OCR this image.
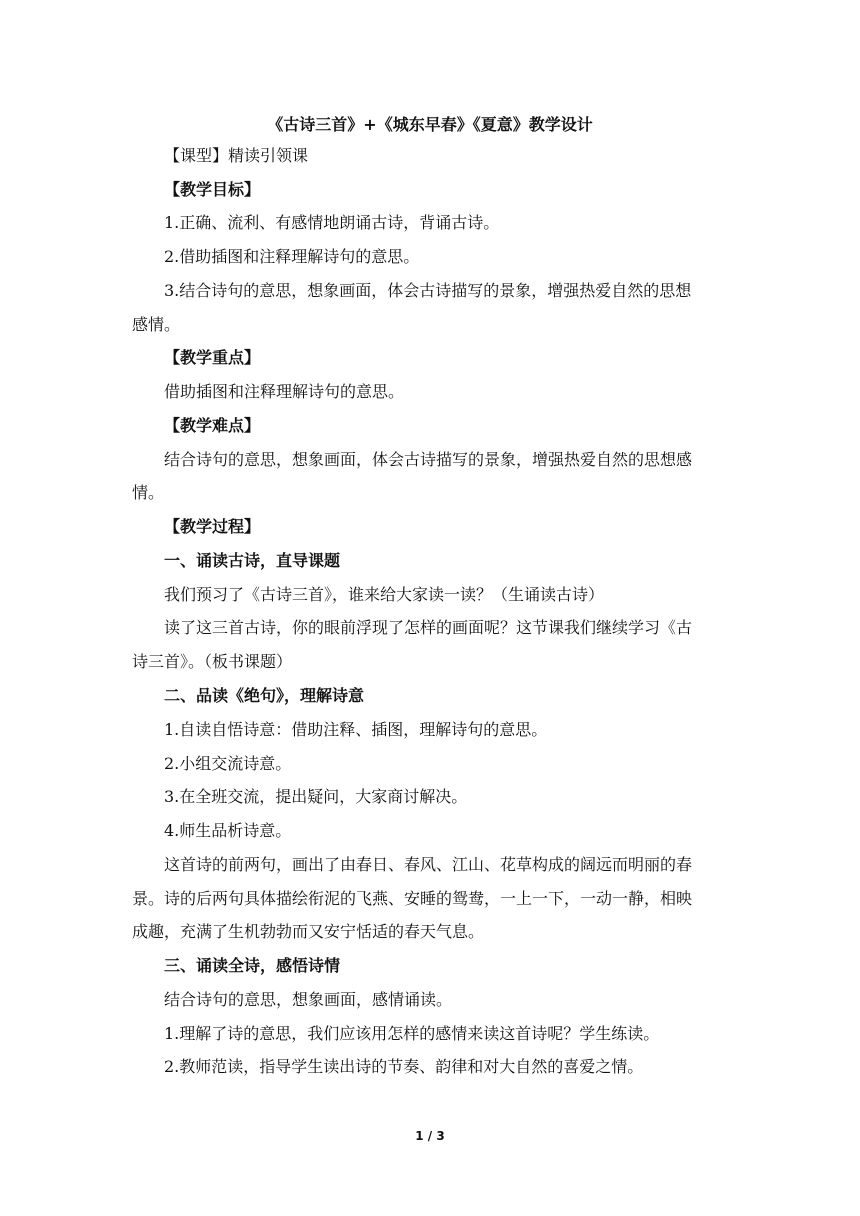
《古诗三首》+《城东早春》《夏意》教学设计
【课型】精读引领课
【教学目标】
1.正确、流利、有感情地朗诵古诗，背诵古诗。
2.借助插图和注释理解诗句的意思。
3.结合诗句的意思，想象画面，体会古诗描写的景象，增强热爱自然的思想
感情。
【教学重点】
借助插图和注释理解诗句的意思。
【教学难点】
结合诗句的意思，想象画面，体会古诗描写的景象，增强热爱自然的思想感
情。
【教学过程】
一、诵读古诗，直导课题
我们预习了《古诗三首》，谁来给大家读一读？（生诵读古诗）
读了这三首古诗，你的眼前浮现了怎样的画面呢？这节课我们继续学习《古
诗三首》。（板书课题）
二、品读《绝句》，理解诗意
1.自读自悟诗意：借助注释、插图，理解诗句的意思。
2.小组交流诗意。
3.在全班交流，提出疑问，大家商讨解决。
4.师生品析诗意。
这首诗的前两句，画出了由春日、春风、江山、花草构成的阔远而明丽的春
景。诗的后两句具体描绘衔泥的飞燕、安睡的鸳鸯，一上一下，一动一静，相映
成趣，充满了生机勃勃而又安宁恬适的春天气息。
三、诵读全诗，感悟诗情
结合诗句的意思，想象画面，感情诵读。
1.理解了诗的意思，我们应该用怎样的感情来读这首诗呢？学生练读。
2.教师范读，指导学生读出诗的节奏、韵律和对大自然的喜爱之情。
1 / 3
